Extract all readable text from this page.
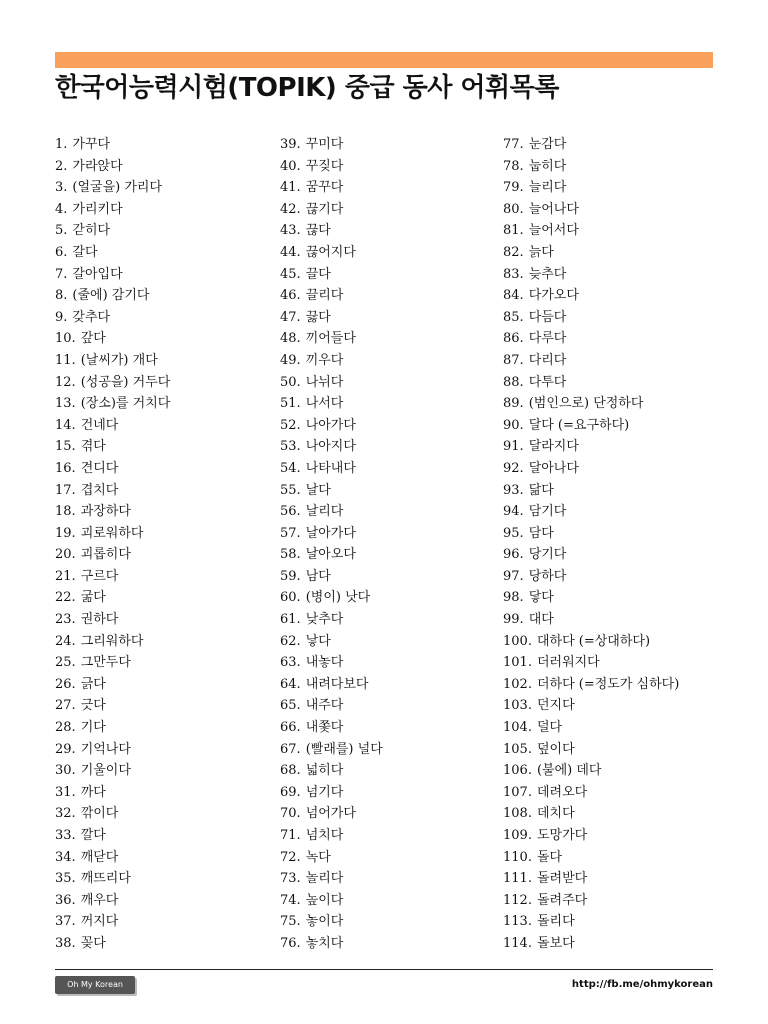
한국어능력시험(TOPIK) 중급 동사 어휘목록
1. 가꾸다
2. 가라앉다
3. (얼굴을) 가리다
4. 가리키다
5. 갇히다
6. 갈다
7. 갈아입다
8. (줄에) 감기다
9. 갖추다
10. 갚다
11. (날씨가) 개다
12. (성공을) 거두다
13. (장소)를 거치다
14. 건네다
15. 겪다
16. 견디다
17. 겹치다
18. 과장하다
19. 괴로워하다
20. 괴롭히다
21. 구르다
22. 굶다
23. 권하다
24. 그리워하다
25. 그만두다
26. 긁다
27. 긋다
28. 기다
29. 기억나다
30. 기울이다
31. 까다
32. 깎이다
33. 깔다
34. 깨닫다
35. 깨뜨리다
36. 깨우다
37. 꺼지다
38. 꽂다
39. 꾸미다
40. 꾸짖다
41. 꿈꾸다
42. 끊기다
43. 끊다
44. 끊어지다
45. 끌다
46. 끌리다
47. 끓다
48. 끼어들다
49. 끼우다
50. 나뉘다
51. 나서다
52. 나아가다
53. 나아지다
54. 나타내다
55. 날다
56. 날리다
57. 날아가다
58. 날아오다
59. 남다
60. (병이) 낫다
61. 낮추다
62. 낳다
63. 내놓다
64. 내려다보다
65. 내주다
66. 내쫓다
67. (빨래를) 널다
68. 넓히다
69. 넘기다
70. 넘어가다
71. 넘치다
72. 녹다
73. 놀리다
74. 높이다
75. 놓이다
76. 놓치다
77. 눈감다
78. 눕히다
79. 늘리다
80. 늘어나다
81. 늘어서다
82. 늙다
83. 늦추다
84. 다가오다
85. 다듬다
86. 다루다
87. 다리다
88. 다투다
89. (범인으로) 단정하다
90. 달다 (=요구하다)
91. 달라지다
92. 달아나다
93. 닮다
94. 담기다
95. 담다
96. 당기다
97. 당하다
98. 닿다
99. 대다
100. 대하다 (=상대하다)
101. 더러워지다
102. 더하다 (=정도가 심하다)
103. 던지다
104. 덜다
105. 덮이다
106. (불에) 데다
107. 데려오다
108. 데치다
109. 도망가다
110. 돌다
111. 돌려받다
112. 돌려주다
113. 돌리다
114. 돌보다
Oh My Korean	http://fb.me/ohmykorean
